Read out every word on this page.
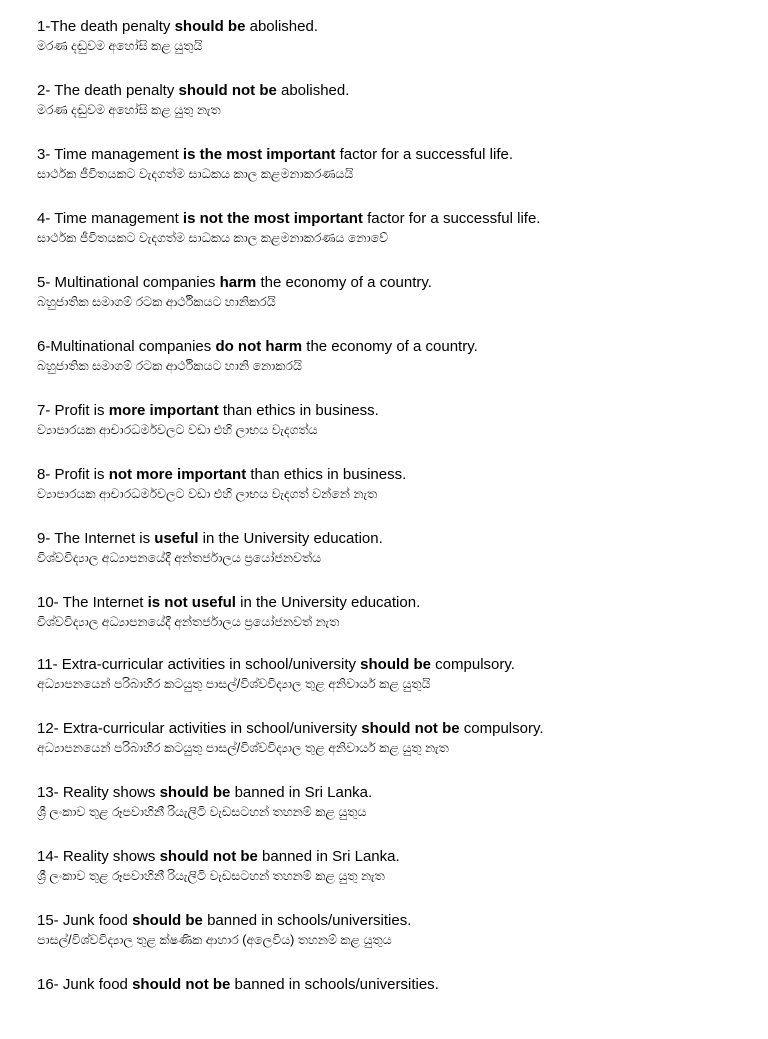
1-The death penalty should be abolished.
මරණ දඬුවම අහෝසි කළ යුතුයි
2- The death penalty should not be abolished.
මරණ දඬුවම අහෝසි කළ යුතු නැත
3- Time management is the most important factor for a successful life.
සාර්ථක ජීවිතයකට වැදගත්ම සාධකය කාල කළමනාකරණයයි
4- Time management is not the most important factor for a successful life.
සාර්ථක ජීවිතයකට වැදගත්ම සාධකය කාල කළමනාකරණය නොවේ
5- Multinational companies harm the economy of a country.
බහුජාතික සමාගම් රටක ආර්ථිකයට හානිකරයි
6-Multinational companies do not harm the economy of a country.
බහුජාතික සමාගම් රටක ආර්ථිකයට හානි නොකරයි
7- Profit is more important than ethics in business.
ව්‍යාපාරයක ආචාරධර්මවලට වඩා එහි ලාභය වැදගත්ය
8- Profit is not more important than ethics in business.
ව්‍යාපාරයක ආචාරධර්මවලට වඩා එහි ලාභය වැදගත් වන්නේ නැත
9- The Internet is useful in the University education.
විශ්වවිද්‍යාල අධ්‍යාපනයේදී අන්තර්ජාලය ප්‍රයෝජනවත්ය
10- The Internet is not useful in the University education.
විශ්වවිද්‍යාල අධ්‍යාපනයේදී අන්තර්ජාලය ප්‍රයෝජනවත් නැත
11- Extra-curricular activities in school/university should be compulsory.
අධ්‍යාපනයෙන් පරිබාහිර කටයුතු පාසල්/විශ්වවිද්‍යාල තුළ අනිවාර්ය කළ යුතුයි
12- Extra-curricular activities in school/university should not be compulsory.
අධ්‍යාපනයෙන් පරිබාහිර කටයුතු පාසල්/විශ්වවිද්‍යාල තුළ අනිවාර්ය කළ යුතු නැත
13- Reality shows should be banned in Sri Lanka.
ශ්‍රී ලංකාව තුළ රූපවාහිනී රියැලිටි වැඩසටහන් තහනම් කළ යුතුය
14- Reality shows should not be banned in Sri Lanka.
ශ්‍රී ලංකාව තුළ රූපවාහිනී රියැලිටි වැඩසටහන් තහනම් කළ යුතු නැත
15- Junk food should be banned in schools/universities.
පාසල්/විශ්වවිද්‍යාල තුළ ක්ෂණික ආහාර (අලෙවිය) තහනම් කළ යුතුය
16- Junk food should not be banned in schools/universities.
